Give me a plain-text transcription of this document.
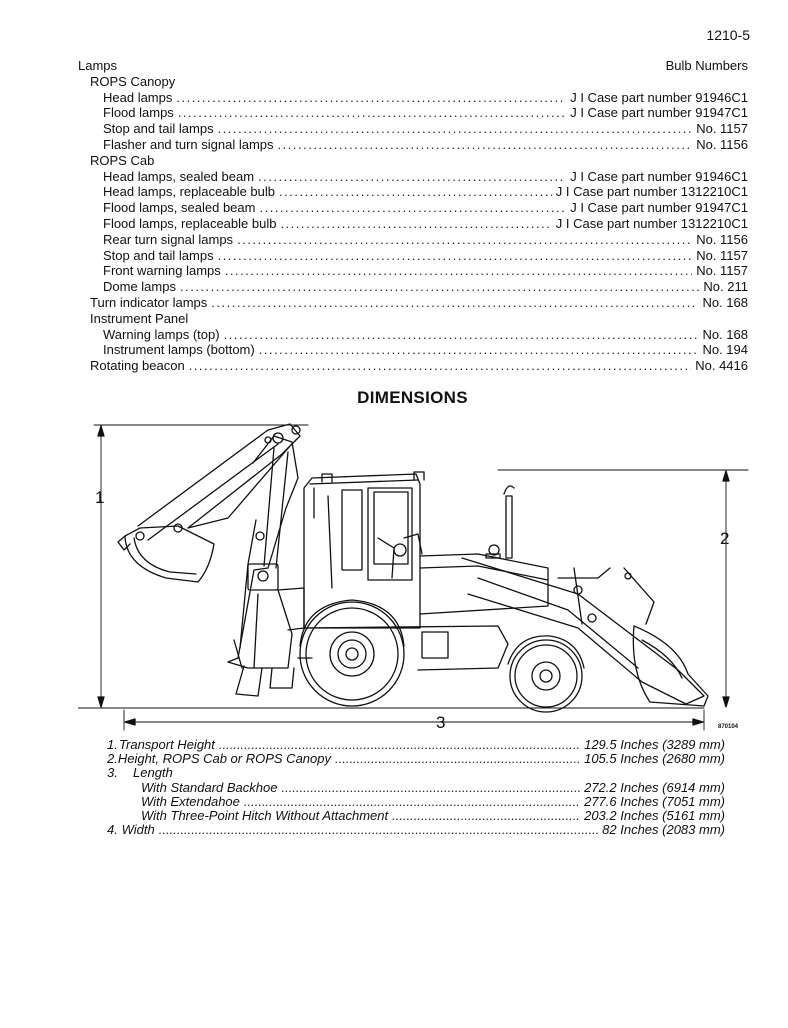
1210-5
Lamps	Bulb Numbers
ROPS Canopy
Head lamps .....	J I Case part number 91946C1
Flood lamps .....	J I Case part number 91947C1
Stop and tail lamps .....	No. 1157
Flasher and turn signal lamps .....	No. 1156
ROPS Cab
Head lamps, sealed beam .....	J I Case part number 91946C1
Head lamps, replaceable bulb .....	J I Case part number 1312210C1
Flood lamps, sealed beam .....	J I Case part number 91947C1
Flood lamps, replaceable bulb .....	J I Case part number 1312210C1
Rear turn signal lamps .....	No. 1156
Stop and tail lamps .....	No. 1157
Front warning lamps .....	No. 1157
Dome lamps .....	No. 211
Turn indicator lamps .....	No. 168
Instrument Panel
Warning lamps (top) .....	No. 168
Instrument lamps (bottom) .....	No. 194
Rotating beacon .....	No. 4416
DIMENSIONS
1
2
3	870104
1. Transport Height .....	129.5 Inches (3289 mm)
2. Height, ROPS Cab or ROPS Canopy .....	105.5 Inches (2680 mm)
3.	Length
With Standard Backhoe .....	272.2 Inches (6914 mm)
With Extendahoe .....	277.6 Inches (7051 mm)
With Three-Point Hitch Without Attachment .....	203.2 Inches (5161 mm)
4. Width .....	82 Inches (2083 mm)
